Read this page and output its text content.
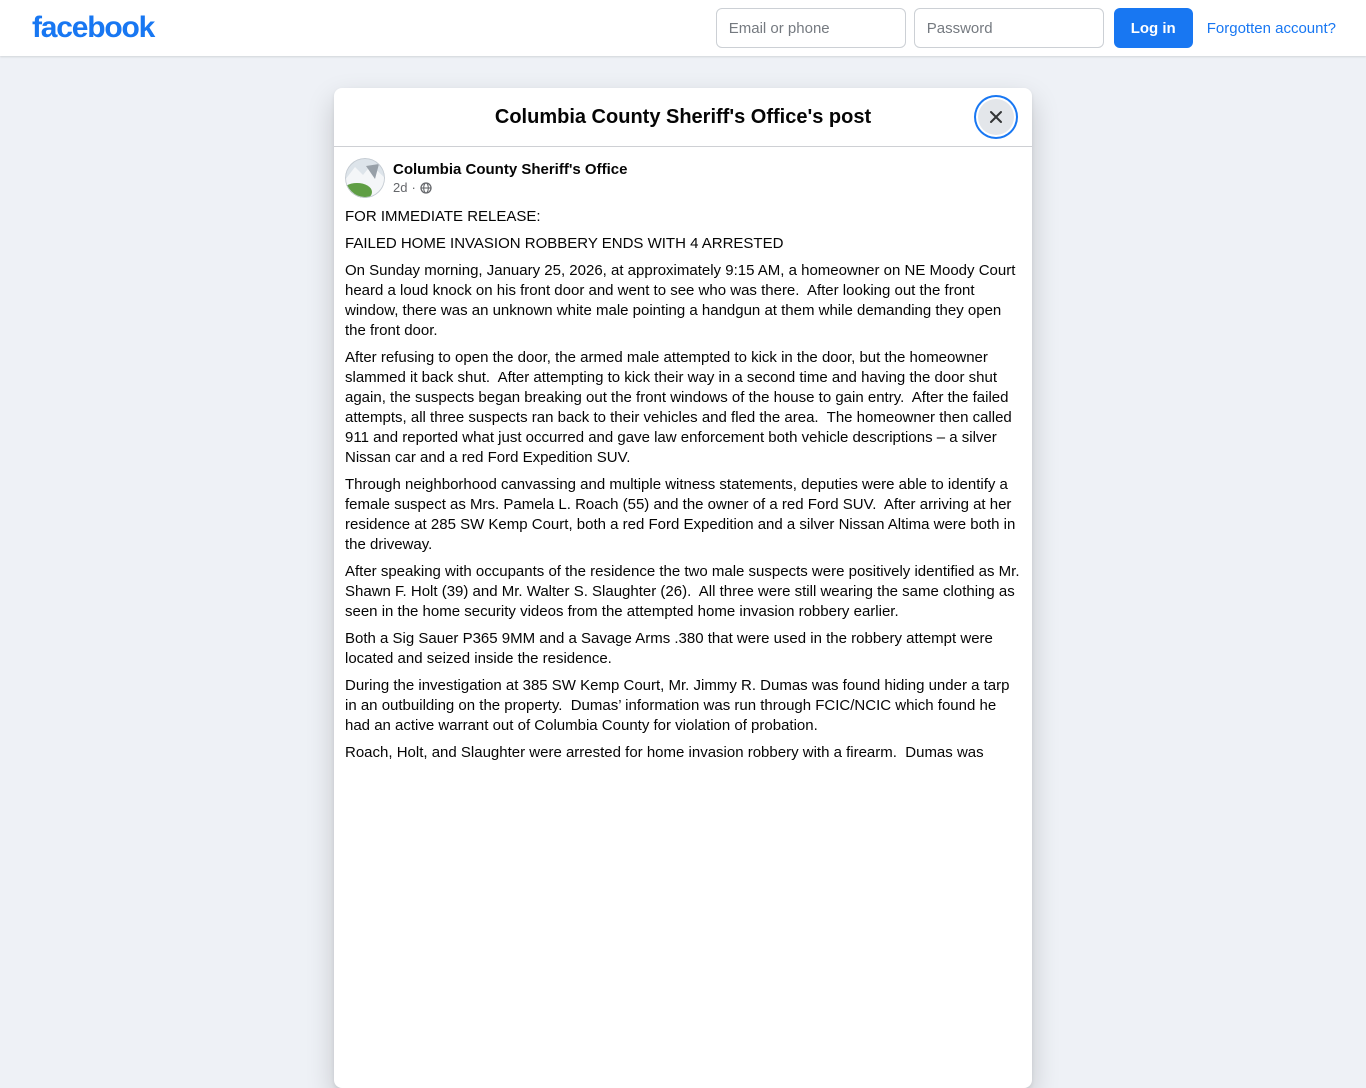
facebook
Email or phone	Log in	Forgotten account?
Columbia County Sheriff's Office's post
Columbia County Sheriff's Office
2d ·

FOR IMMEDIATE RELEASE:

FAILED HOME INVASION ROBBERY ENDS WITH 4 ARRESTED

On Sunday morning, January 25, 2026, at approximately 9:15 AM, a homeowner on NE Moody Court heard a loud knock on his front door and went to see who was there.  After looking out the front window, there was an unknown white male pointing a handgun at them while demanding they open the front door.

After refusing to open the door, the armed male attempted to kick in the door, but the homeowner slammed it back shut.  After attempting to kick their way in a second time and having the door shut again, the suspects began breaking out the front windows of the house to gain entry.  After the failed attempts, all three suspects ran back to their vehicles and fled the area.  The homeowner then called 911 and reported what just occurred and gave law enforcement both vehicle descriptions – a silver Nissan car and a red Ford Expedition SUV.

Through neighborhood canvassing and multiple witness statements, deputies were able to identify a female suspect as Mrs. Pamela L. Roach (55) and the owner of a red Ford SUV.  After arriving at her residence at 285 SW Kemp Court, both a red Ford Expedition and a silver Nissan Altima were both in the driveway.

After speaking with occupants of the residence the two male suspects were positively identified as Mr. Shawn F. Holt (39) and Mr. Walter S. Slaughter (26).  All three were still wearing the same clothing as seen in the home security videos from the attempted home invasion robbery earlier.

Both a Sig Sauer P365 9MM and a Savage Arms .380 that were used in the robbery attempt were located and seized inside the residence.

During the investigation at 385 SW Kemp Court, Mr. Jimmy R. Dumas was found hiding under a tarp in an outbuilding on the property.  Dumas’ information was run through FCIC/NCIC which found he had an active warrant out of Columbia County for violation of probation.

Roach, Holt, and Slaughter were arrested for home invasion robbery with a firearm.  Dumas was
